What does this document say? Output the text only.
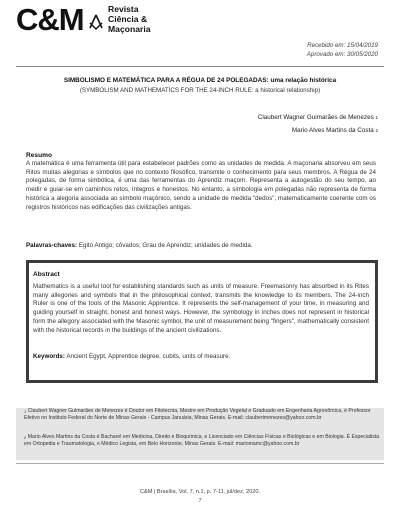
C&M	Revista
Ciência &
Maçonaria
Recebido em: 15/04/2019
Aprovado em: 30/05/2020
SIMBOLISMO E MATEMÁTICA PARA A RÉGUA DE 24 POLEGADAS: uma relação histórica
(SYMBOLISM AND MATHEMATICS FOR THE 24-INCH RULE: a historical relationship)
Claubert Wagner Guimarães de Menezes $^1$
Mario Alves Martins da Costa $^2$
Resumo
A matemática é uma ferramenta útil para estabelecer padrões como as unidades de medida. A maçonaria absorveu em seus Ritos muitas alegorias e símbolos que no contexto filosófico, transmite o conhecimento para seus membros. A Régua de 24 polegadas, de forma simbólica, é uma das ferramentas do Aprendiz maçom. Representa a autogestão do seu tempo, ao medir e guiar-se em caminhos retos, íntegros e honestos. No entanto, a simbologia em polegadas não representa de forma histórica a alegoria associada ao símbolo maçônico, sendo a unidade de medida "dedos", matematicamente coerente com os registros históricos nas edificações das civilizações antigas.
Palavras-chaves: Egito Antigo; côvados; Grau de Aprendiz; unidades de medida.
Abstract
Mathematics is a useful tool for establishing standards such as units of measure. Freemasonry has absorbed in its Rites many allegories and symbols that in the philosophical context, transmits the knowledge to its members. The 24-inch Ruler is one of the tools of the Masonic Apprentice. It represents the self-management of your time, in measuring and guiding yourself in straight, honest and honest ways. However, the symbology in inches does not represent in historical form the allegory associated with the Masonic symbol, the unit of measurement being "fingers", mathematically consistent with the historical records in the buildings of the ancient civilizations.
Keywords: Ancient Egypt, Apprentice degree, cubits, units of measure.
$^1$ Claubert Wagner Guimarães de Menezes é Doutor em Fitotecnia, Mestre em Produção Vegetal e Graduado em Engenharia Agronômica, é Professor Efetivo no Instituto Federal do Norte de Minas Gerais - Campus Januária, Minas Gerais. E-mail: claubertmenezes@yahoo.com.br
$^2$ Mario Alves Martins da Costa é Bacharel em Medicina, Direito e Bioquímica, e Licenciado em Ciências Físicas e Biológicas e em Biologia. É Especialista em Ortopedia e Traumatologia, e Médico Legista, em Belo Horizonte, Minas Gerais. E-mail: mariomamc@yahoo.com.br
C&M | Brasília, Vol. 7, n.1, p. 7-11, jul/dez, 2020.
7
